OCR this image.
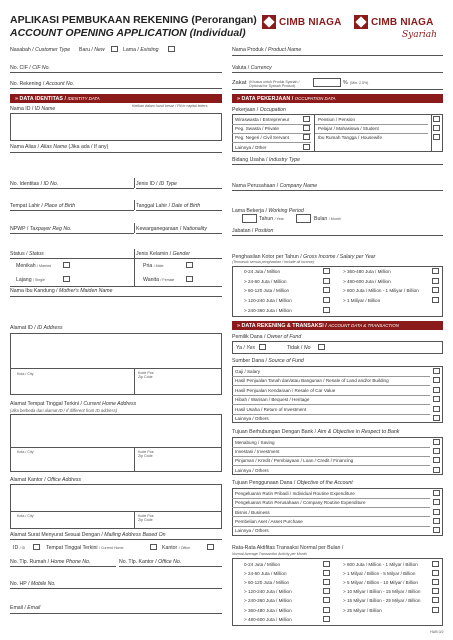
APLIKASI PEMBUKAAN REKENING (Perorangan)
ACCOUNT OPENING APPLICATION (Individual)
CIMB NIAGA	CIMB NIAGA
Syariah
Nasabah / Customer Type Baru / New	Lama / Existing
No. CIF / CIF No.
No. Rekening / Account No.
Nama Produk / Product Name
Valuta / Currency
Zakat (Khusus untuk Produk Syariah / Optional for Syariah Product)
% (Min. 2.5%)
» DATA IDENTITAS / IDENTITY DATA	» DATA PEKERJAAN / OCCUPATION DATA
Nama ID / ID Name	Ketikan dalam huruf besar / Fill in capital letters
Nama Alias / Alias Name (Jika ada / If any)
No. Identitas / ID No.	Jenis ID / ID Type
Tempat Lahir / Place of Birth	Tanggal Lahir / Date of Birth
NPWP / Taxpayer Reg No.	Kewarganegaraan / Nationality
Status / Status	Jenis Kelamin / Gender
Menikah / Married
Lajang / Single
Pria / Male
Wanita / Female
Nama Ibu Kandung / Mother's Maiden Name
Alamat ID / ID Address
Kota / City	Kode Pos
Zip Code
Alamat Tempat Tinggal Terkini / Current Home Address
(Jika berbeda dari alamat ID / If different from ID address)
Kota / City	Kode Pos
Zip Code
Alamat Kantor / Office Address
Kota / City	Kode Pos
Zip Code
Alamat Surat Menyurat Sesuai Dengan / Mailing Address Based On
ID / ID	Tempat Tinggal Terkini / Current Home	Kantor / Office
No. Tlp. Rumah / Home Phone No.	No. Tlp. Kantor / Office No.
No. HP / Mobile No.
Email / Email
Pekerjaan / Occupation
Wiraswasta / Entrepreneur
Peg. Swasta / Private
Peg. Negeri / Civil Servant
Lainnya / Other
Pensiun / Pension
Pelajar / Mahasiswa / Student
Ibu Rumah Tangga / Housewife
Bidang Usaha / Industry Type
Nama Perusahaan / Company Name
Lama Bekerja / Working Period
Tahun / Year	Bulan / Month
Jabatan / Position
Penghasilan Kotor per Tahun / Gross Income / Salary per Year
(Termasuk semua penghasilan / Include all income)
0-24 Juta / Million
> 24-60 Juta / Million
> 60-120 Juta / Million
> 120-240 Juta / Million
> 240-360 Juta / Million
> 360-480 Juta / Million
> 480-600 Juta / Million
> 600 Juta / Million - 1 Miliyar / Billion
> 1 Miliyar / Billion
» DATA REKENING & TRANSAKSI / ACCOUNT DATA & TRANSACTION
Pemilik Dana / Owner of Fund
Ya / Yes	Tidak / No
Sumber Dana / Source of Fund
Gaji / Salary
Hasil Penjualan Tanah dan/atau Bangunan / Resale of Land and/or Building
Hasil Penjualan Kendaraan / Resale of Car Value
Hibah / Warisan / Bequest / Heritage
Hasil Usaha / Return of Investment
Lainnya / Others
Tujuan Berhubungan Dengan Bank / Aim & Objective in Respect to Bank
Menabung / Saving
Investasi / Investment
Pinjaman / Kredit / Pembiayaan / Loan / Credit / Financing
Lainnya / Others
Tujuan Penggunaan Dana / Objective of the Account
Pengeluaran Rutin Pribadi / Individual Routine Expenditure
Pengeluaran Rutin Perusahaan / Company Routine Expenditure
Bisnis / Business
Pembelian Aset / Asset Purchase
Lainnya / Others
Rata-Rata Aktifitas Transaksi Normal per Bulan /
Normal Average Transaction Activity per Month
0-24 Juta / Million
> 24-60 Juta / Million
> 60-120 Juta / Million
> 120-240 Juta / Million
> 240-360 Juta / Million
> 360-480 Juta / Million
> 480-600 Juta / Million
> 600 Juta / Million - 1 Milyar / Billion
> 1 Milyar / Billion - 5 Milyar / Billion
> 5 Milyar / Billion - 10 Milyar / Billion
> 10 Milyar / Billion - 15 Milyar / Billion
> 15 Milyar / Billion - 25 Milyar / Billion
> 25 Milyar / Billion
HUB 0/2
